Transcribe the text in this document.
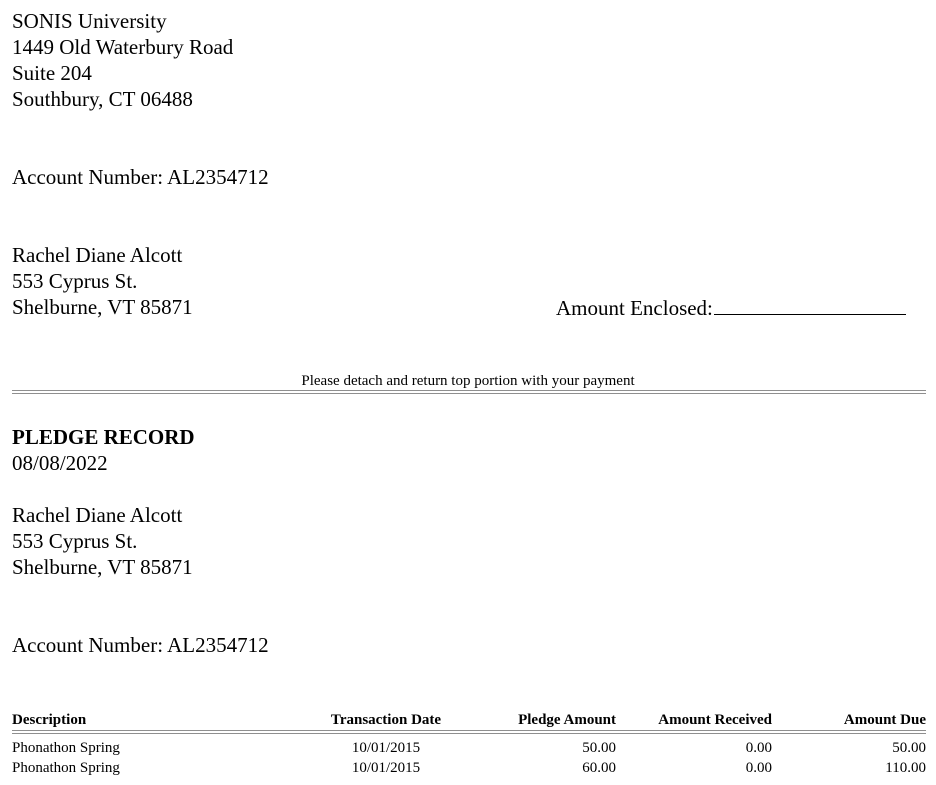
SONIS University
1449 Old Waterbury Road
Suite 204
Southbury, CT 06488
Account Number: AL2354712
Rachel Diane Alcott
553 Cyprus St.
Shelburne, VT 85871	Amount Enclosed:
Please detach and return top portion with your payment
PLEDGE RECORD
08/08/2022
Rachel Diane Alcott
553 Cyprus St.
Shelburne, VT 85871
Account Number: AL2354712
Description	Transaction Date	Pledge Amount	Amount Received	Amount Due
Phonathon Spring	10/01/2015	50.00	0.00	50.00
Phonathon Spring	10/01/2015	60.00	0.00	110.00
